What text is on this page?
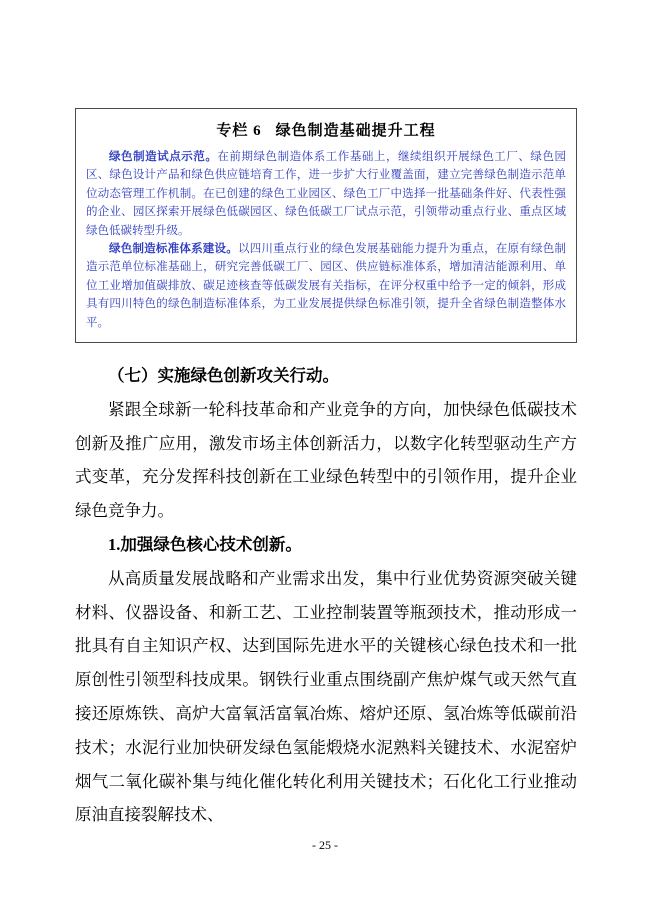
专栏 6 绿色制造基础提升工程

绿色制造试点示范。在前期绿色制造体系工作基础上，继续组织开展绿色工厂、绿色园区、绿色设计产品和绿色供应链培育工作，进一步扩大行业覆盖面，建立完善绿色制造示范单位动态管理工作机制。在已创建的绿色工业园区、绿色工厂中选择一批基础条件好、代表性强的企业、园区探索开展绿色低碳园区、绿色低碳工厂试点示范，引领带动重点行业、重点区域绿色低碳转型升级。

绿色制造标准体系建设。以四川重点行业的绿色发展基础能力提升为重点，在原有绿色制造示范单位标准基础上，研究完善低碳工厂、园区、供应链标准体系，增加清洁能源利用、单位工业增加值碳排放、碳足迹核查等低碳发展有关指标，在评分权重中给予一定的倾斜，形成具有四川特色的绿色制造标准体系，为工业发展提供绿色标准引领，提升全省绿色制造整体水平。

（七）实施绿色创新攻关行动。

紧跟全球新一轮科技革命和产业竞争的方向，加快绿色低碳技术创新及推广应用，激发市场主体创新活力，以数字化转型驱动生产方式变革，充分发挥科技创新在工业绿色转型中的引领作用，提升企业绿色竞争力。

1.加强绿色核心技术创新。

从高质量发展战略和产业需求出发，集中行业优势资源突破关键材料、仪器设备、和新工艺、工业控制装置等瓶颈技术，推动形成一批具有自主知识产权、达到国际先进水平的关键核心绿色技术和一批原创性引领型科技成果。钢铁行业重点围绕副产焦炉煤气或天然气直接还原炼铁、高炉大富氧活富氧冶炼、熔炉还原、氢冶炼等低碳前沿技术；水泥行业加快研发绿色氢能煅烧水泥熟料关键技术、水泥窑炉烟气二氧化碳补集与纯化催化转化利用关键技术；石化化工行业推动原油直接裂解技术、

- 25 -
